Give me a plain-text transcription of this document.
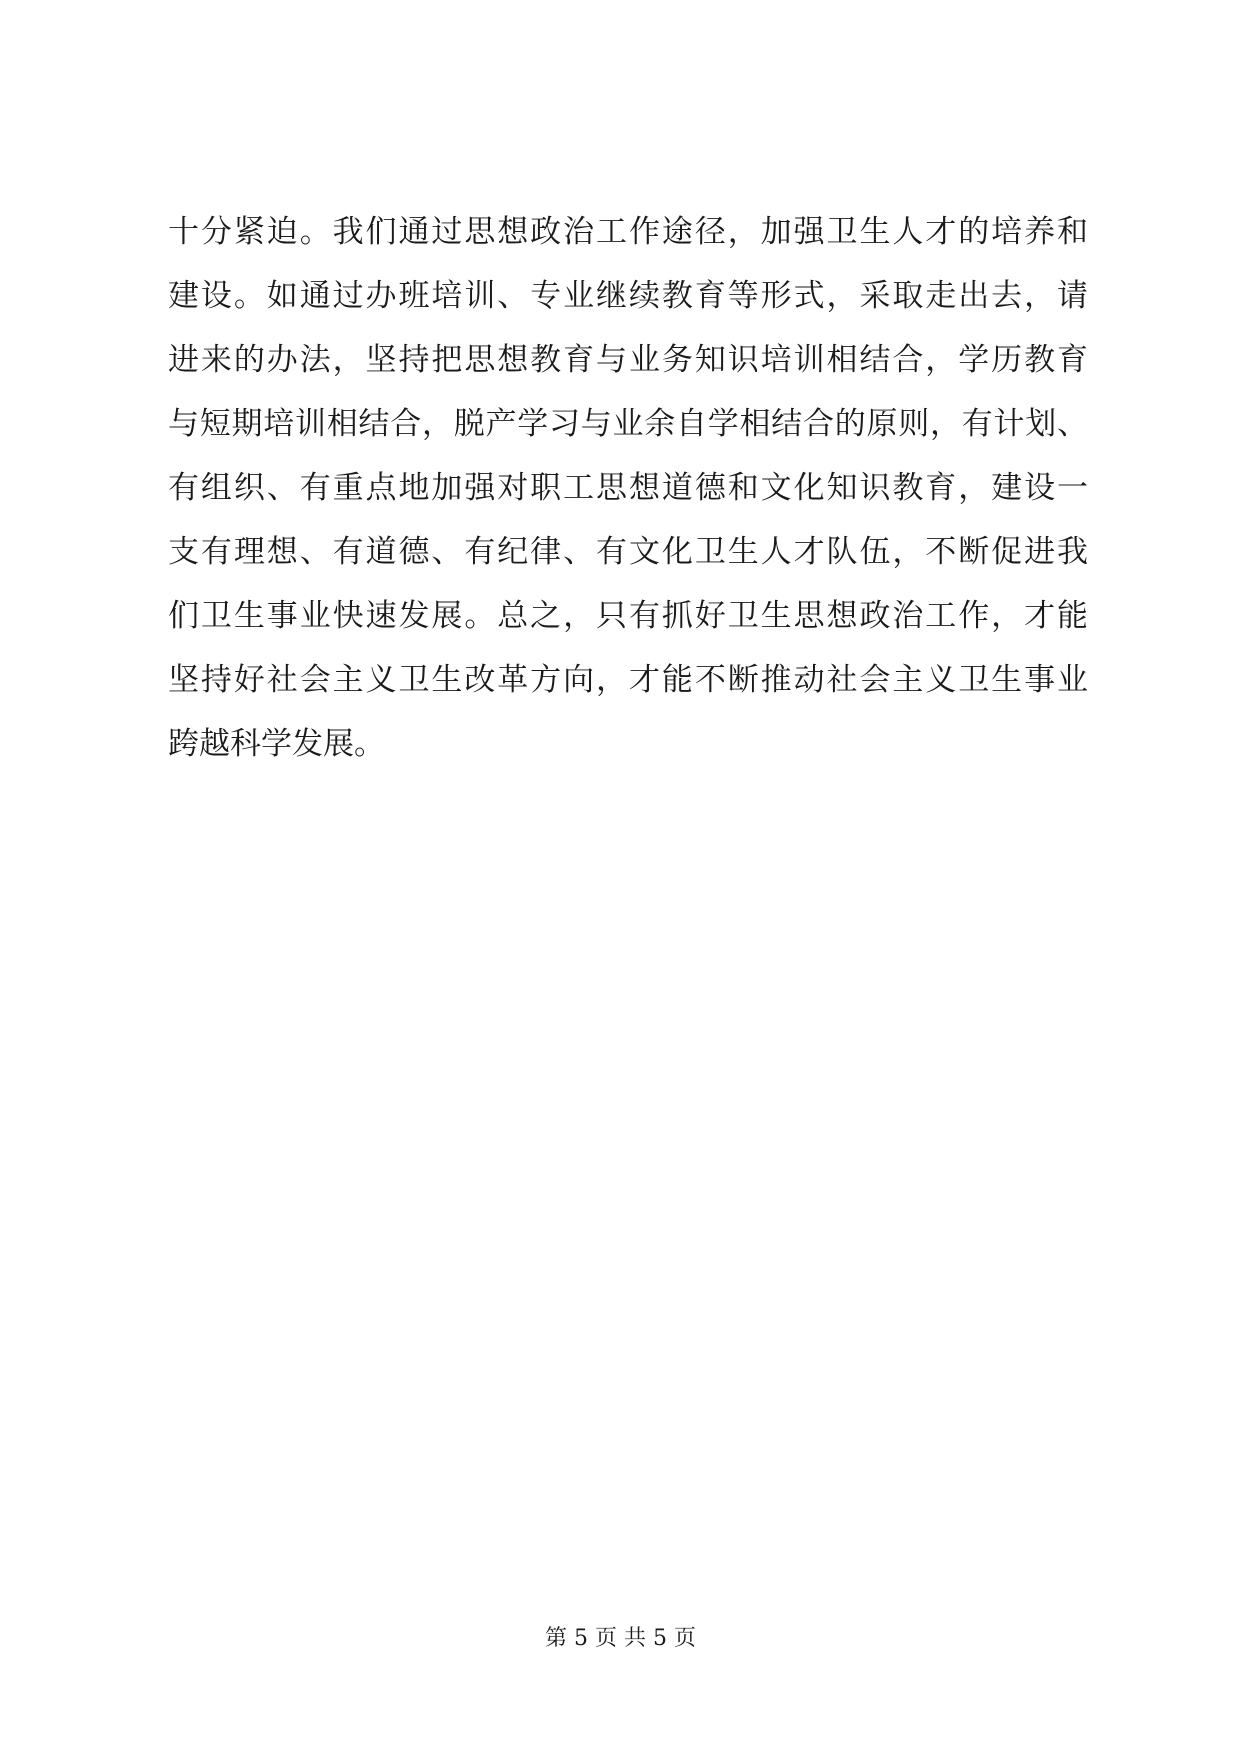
十分紧迫。我们通过思想政治工作途径，加强卫生人才的培养和
建设。如通过办班培训、专业继续教育等形式，采取走出去，请
进来的办法，坚持把思想教育与业务知识培训相结合，学历教育
与短期培训相结合，脱产学习与业余自学相结合的原则，有计划、
有组织、有重点地加强对职工思想道德和文化知识教育，建设一
支有理想、有道德、有纪律、有文化卫生人才队伍，不断促进我
们卫生事业快速发展。总之，只有抓好卫生思想政治工作，才能
坚持好社会主义卫生改革方向，才能不断推动社会主义卫生事业
跨越科学发展。
第 5 页 共 5 页
